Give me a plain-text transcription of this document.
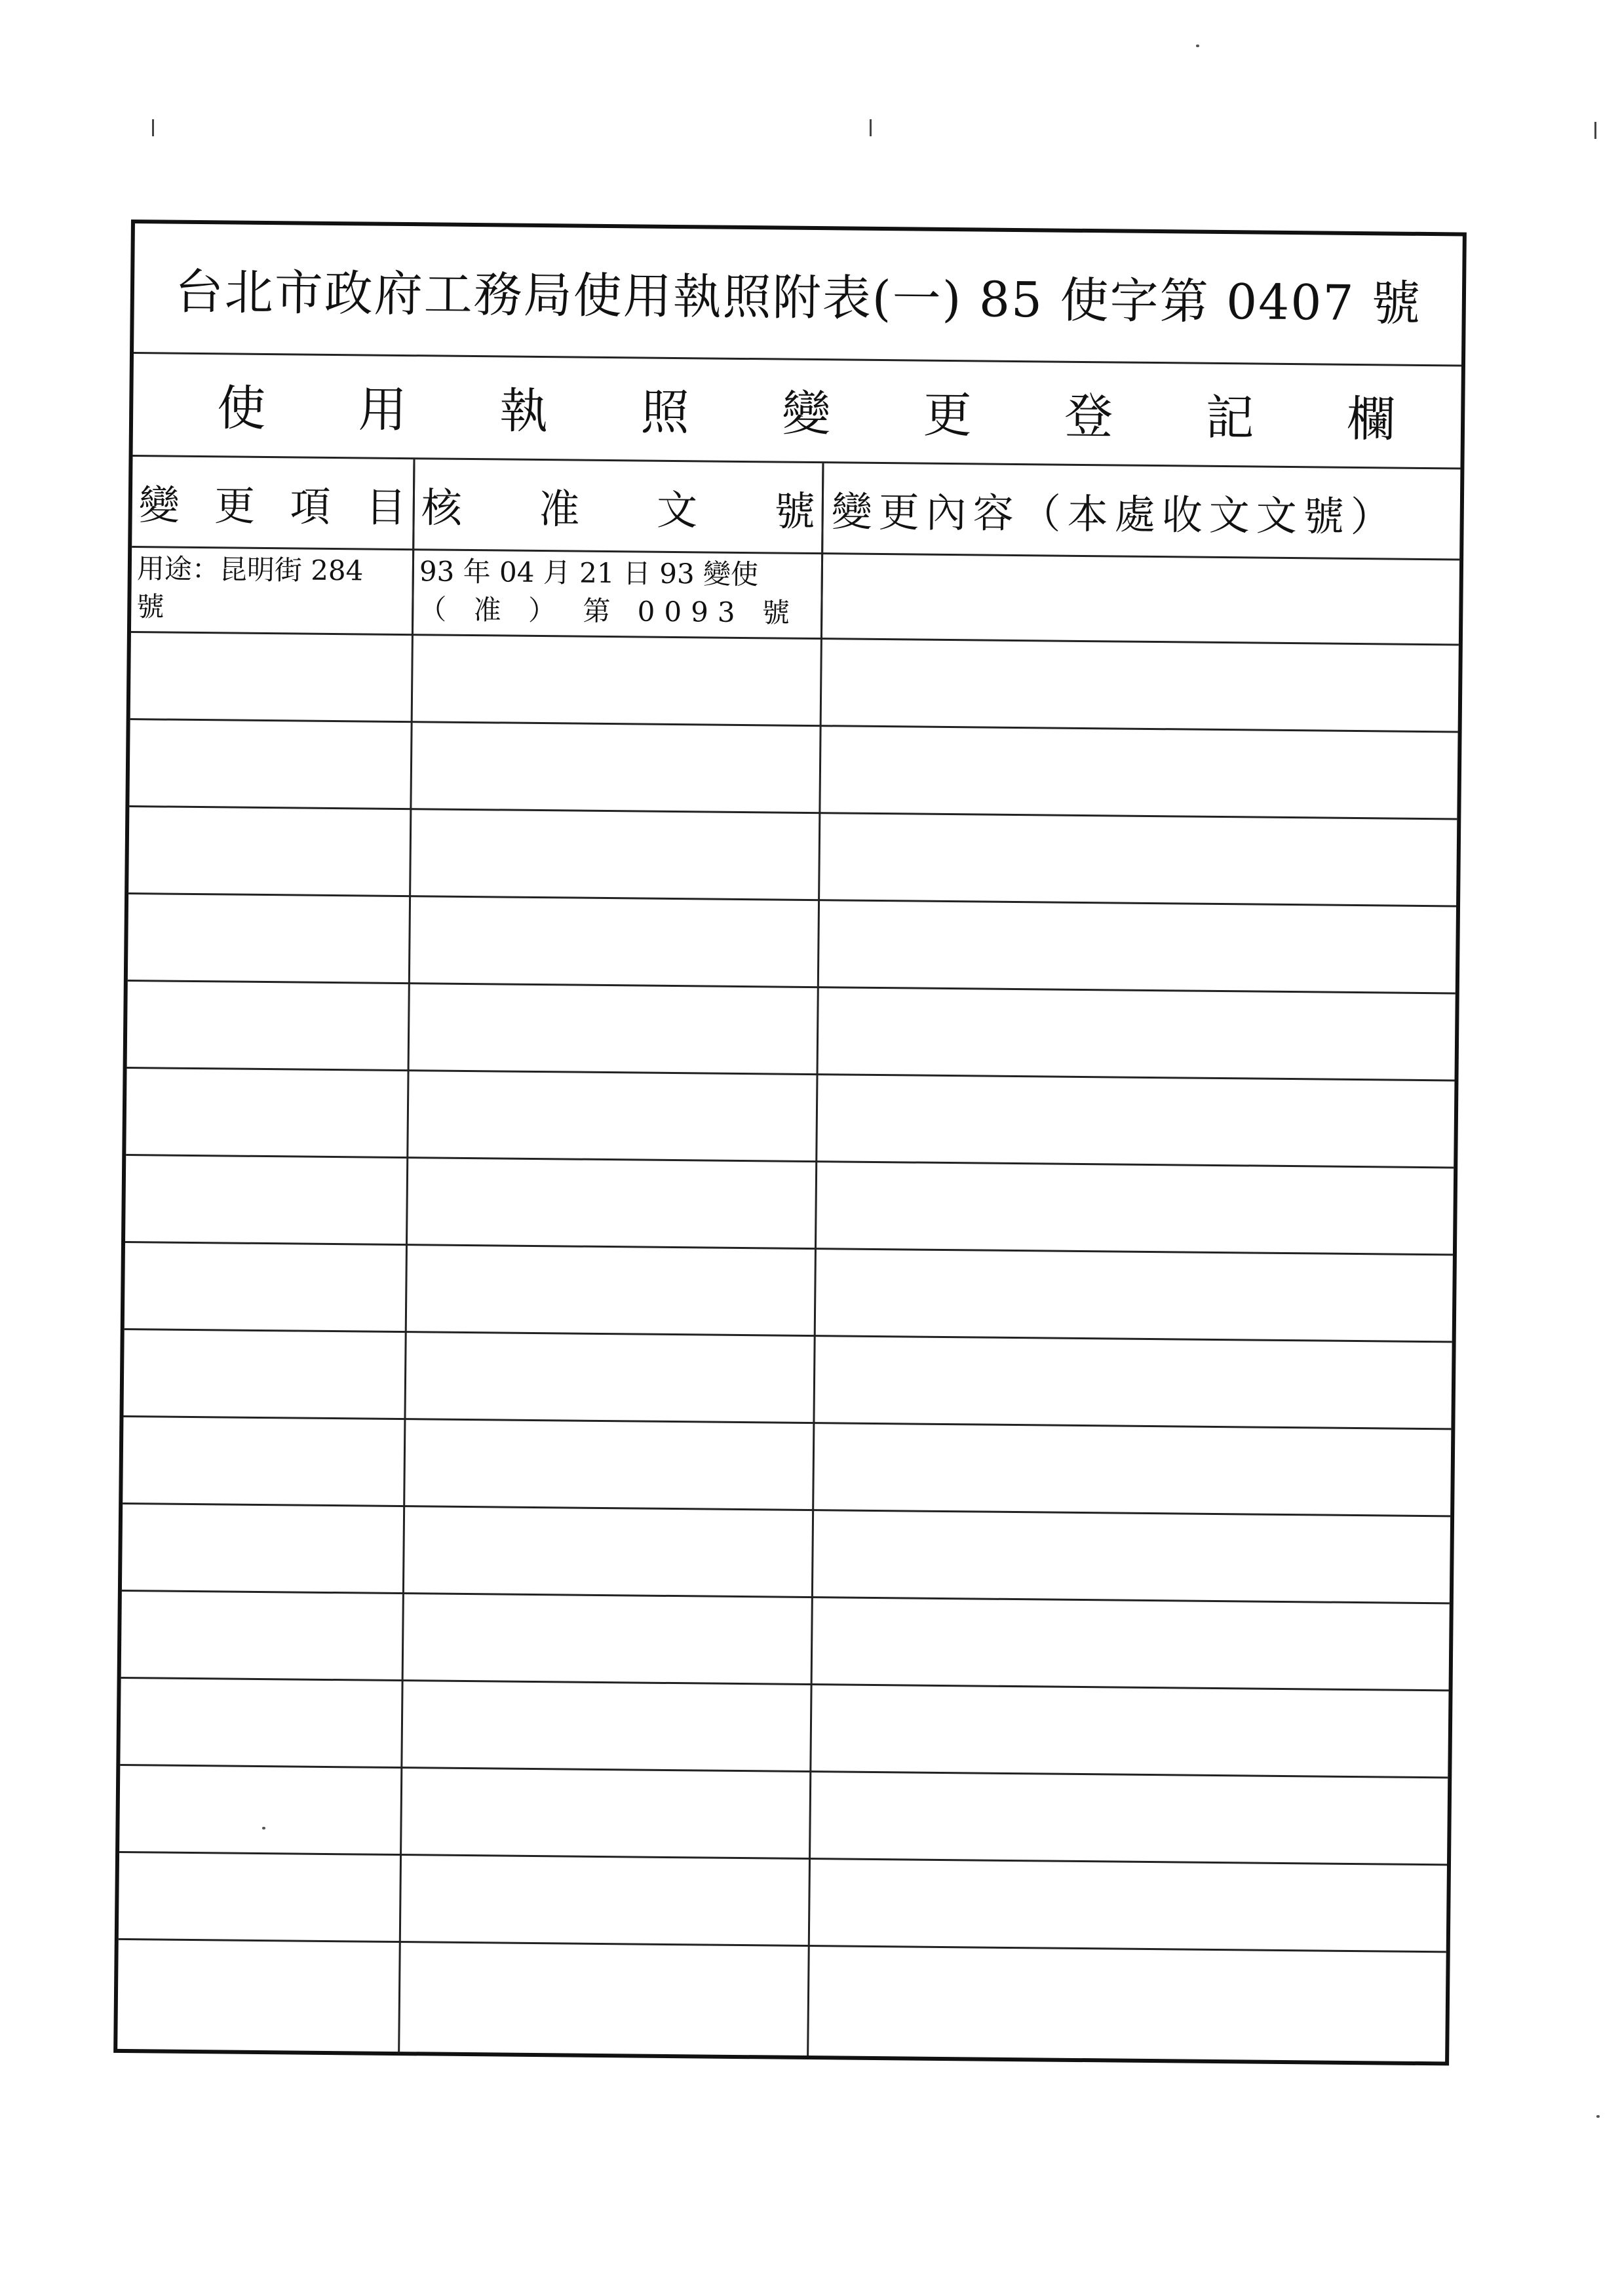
台北市政府工務局使用執照附表(一) 85 使字第 0407 號
使 用 執 照 變 更 登 記 欄
變 更 項 目 核 准 文 號 變更內容（本處收文文號）
用途：昆明街 284
號
93 年 04 月 21 日 93 變使
（ 准 ） 第 0093 號
